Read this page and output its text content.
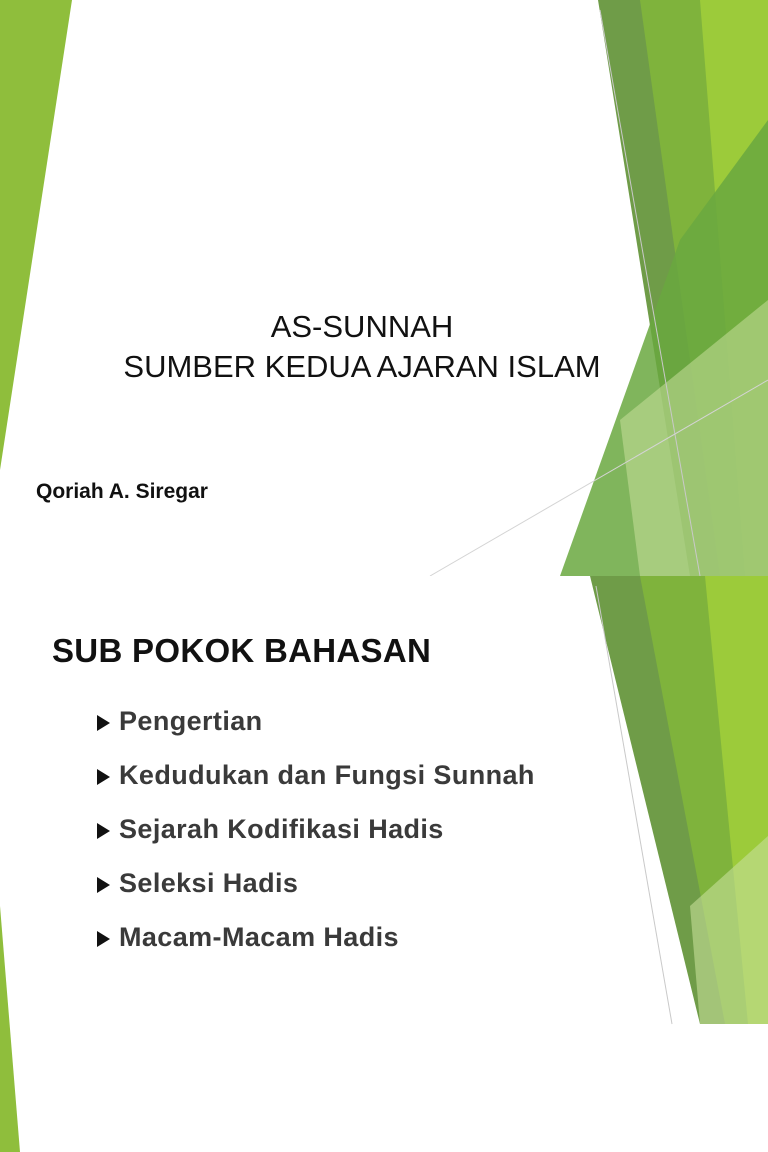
AS-SUNNAH
SUMBER KEDUA AJARAN ISLAM
Qoriah A. Siregar
SUB POKOK BAHASAN
Pengertian
Kedudukan dan Fungsi Sunnah
Sejarah Kodifikasi Hadis
Seleksi Hadis
Macam-Macam Hadis
